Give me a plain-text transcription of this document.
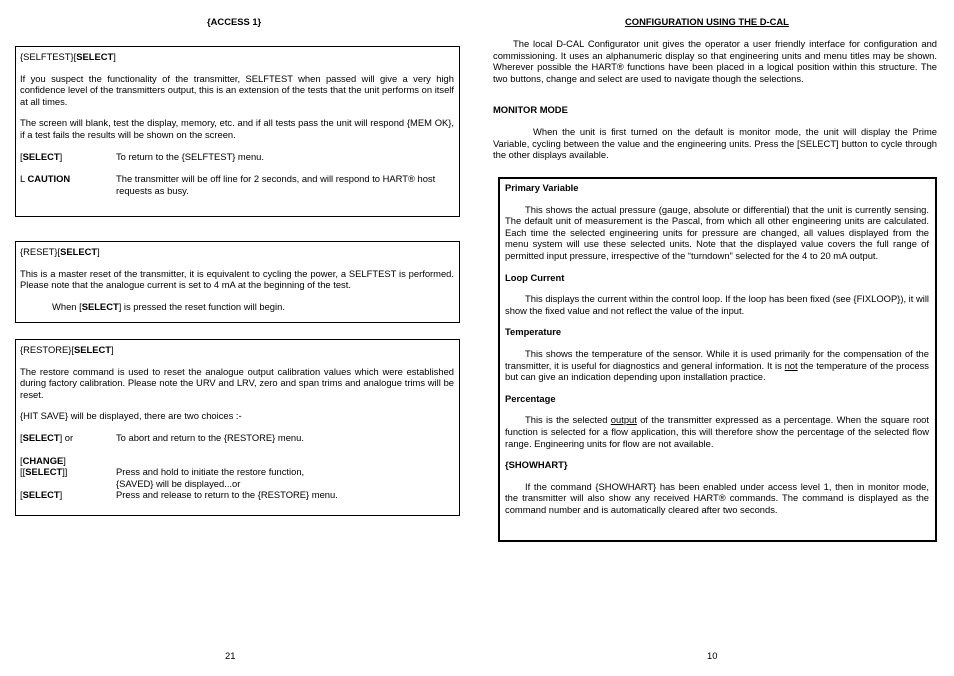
{ACCESS 1}

{SELFTEST}[SELECT]

If you suspect the functionality of the transmitter, SELFTEST when passed will give a very high confidence level of the transmitters output, this is an extension of the tests that the unit performs on itself at all times.

The screen will blank, test the display, memory, etc. and if all tests pass the unit will respond {MEM OK}, if a test fails the results will be shown on the screen.

[SELECT]	To return to the {SELFTEST} menu.
L CAUTION	The transmitter will be off line for 2 seconds, and will respond to HART® host requests as busy.

{RESET}[SELECT]

This is a master reset of the transmitter, it is equivalent to cycling the power, a SELFTEST is performed. Please note that the analogue current is set to 4 mA at the beginning of the test.

When [SELECT] is pressed the reset function will begin.

{RESTORE}[SELECT]

The restore command is used to reset the analogue output calibration values which were established during factory calibration. Please note the URV and LRV, zero and span trims and analogue trims will be reset.

{HIT SAVE} will be displayed, there are two choices :-

[SELECT] or	To abort and return to the {RESTORE} menu.
[CHANGE]
[[SELECT]]	Press and hold to initiate the restore function,
{SAVED} will be displayed...or
[SELECT]	Press and release to return to the {RESTORE} menu.
21
CONFIGURATION USING THE D-CAL

The local D-CAL Configurator unit gives the operator a user friendly interface for configuration and commissioning. It uses an alphanumeric display so that engineering units and menu titles may be shown. Wherever possible the HART® functions have been placed in a logical position within this structure. The two buttons, change and select are used to navigate though the selections.

MONITOR MODE

When the unit is first turned on the default is monitor mode, the unit will display the Prime Variable, cycling between the value and the engineering units. Press the [SELECT] button to cycle through the other displays available.

Primary Variable

This shows the actual pressure (gauge, absolute or differential) that the unit is currently sensing. The default unit of measurement is the Pascal, from which all other engineering units are calculated. Each time the selected engineering units for pressure are changed, all values displayed from the menu system will use these selected units. Note that the displayed value covers the full range of permitted input pressure, irrespective of the “turndown” selected for the 4 to 20 mA output.

Loop Current

This displays the current within the control loop. If the loop has been fixed (see {FIXLOOP}), it will show the fixed value and not reflect the value of the input.

Temperature

This shows the temperature of the sensor. While it is used primarily for the compensation of the transmitter, it is useful for diagnostics and general information. It is not the temperature of the process but can give an indication depending upon installation practice.

Percentage

This is the selected output of the transmitter expressed as a percentage. When the square root function is selected for a flow application, this will therefore show the percentage of the selected flow range. Engineering units for flow are not available.

{SHOWHART}

If the command {SHOWHART} has been enabled under access level 1, then in monitor mode, the transmitter will also show any received HART® commands. The command is displayed as the command number and is automatically cleared after two seconds.

10
